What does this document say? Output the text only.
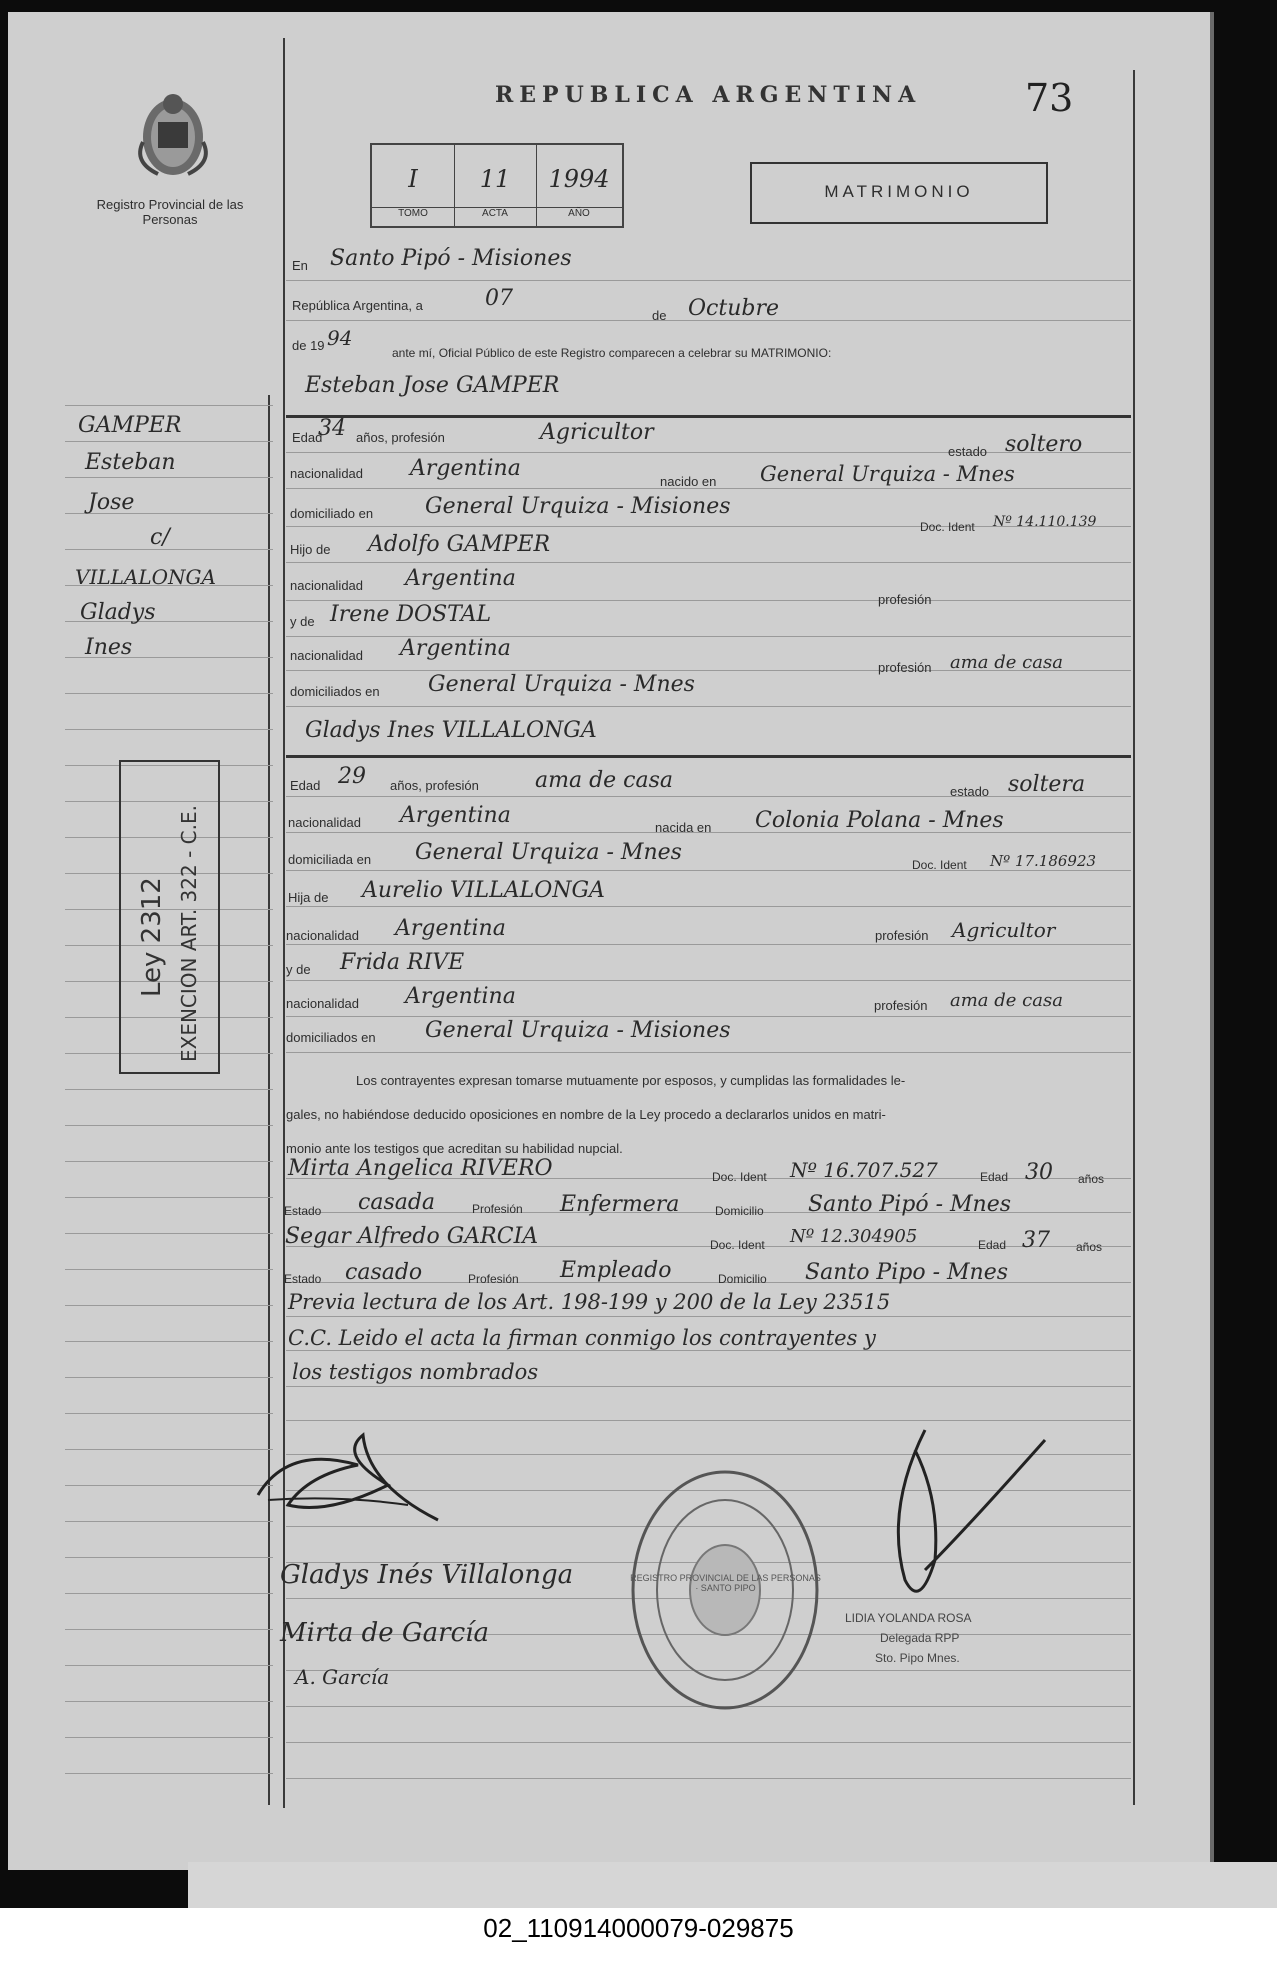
Registro Provincial de las Personas
REPUBLICA ARGENTINA	73
I
TOMO
11
ACTA
1994
AÑO
MATRIMONIO
En Santo Pipó - Misiones
República Argentina, a	07
de Octubre
de 19 94
ante mí, Oficial Público de este Registro comparecen a celebrar su MATRIMONIO:
GAMPER
Esteban
Jose
c/
VILLALONGA
Gladys
Ines
Ley 2312 EXENCION ART. 322 - C.E.
Esteban Jose GAMPER
Edad
34 años, profesión	Agricultor
estado soltero
nacionalidad Argentina
nacido en General Urquiza - Mnes
domiciliado en General Urquiza - Misiones
Doc. Ident Nº 14.110.139
Hijo de Adolfo GAMPER
nacionalidad Argentina
profesión
y de Irene DOSTAL
nacionalidad Argentina
profesión ama de casa
domiciliados en General Urquiza - Mnes
Gladys Ines VILLALONGA
Edad 29 años, profesión	ama de casa	estado soltera
nacionalidad Argentina	nacida en Colonia Polana - Mnes
domiciliada en General Urquiza - Mnes	Doc. Ident Nº 17.186923
Hija de Aurelio VILLALONGA
nacionalidad Argentina	profesión Agricultor
y de Frida RIVE
nacionalidad Argentina	profesión ama de casa
domiciliados en General Urquiza - Misiones
Los contrayentes expresan tomarse mutuamente por esposos, y cumplidas las formalidades le-
gales, no habiéndose deducido oposiciones en nombre de la Ley procedo a declararlos unidos en matri-
monio ante los testigos que acreditan su habilidad nupcial.
Mirta Angelica RIVERO	Doc. Ident Nº 16.707.527	Edad 30 años
Estado casada	Profesión Enfermera	Domicilio Santo Pipó - Mnes
Segar Alfredo GARCIA	Doc. Ident Nº 12.304905	Edad 37 años
Estado casado	Profesión Empleado	Domicilio Santo Pipo - Mnes
Previa lectura de los Art. 198-199 y 200 de la Ley 23515
C.C. Leido el acta la firman conmigo los contrayentes y
los testigos nombrados
Gladys Inés Villalonga
Mirta de García
A. García
REGISTRO PROVINCIAL DE LAS PERSONAS · SANTO PIPO
LIDIA YOLANDA ROSA
Delegada RPP
Sto. Pipo Mnes.
02_110914000079-029875
